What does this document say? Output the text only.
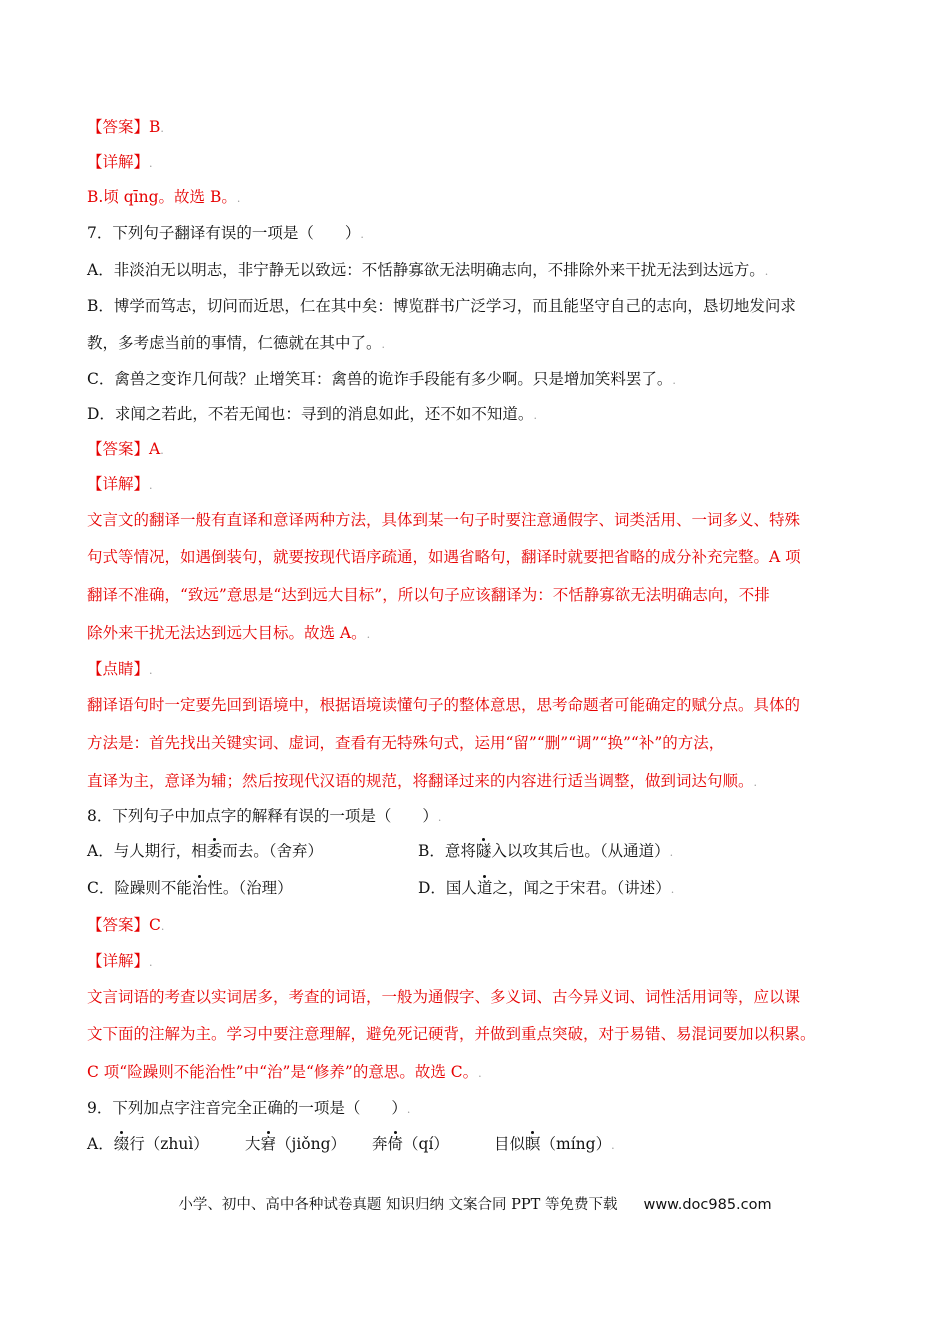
【答案】B.
【详解】.
B.顷 qīng。故选 B。.
7．下列句子翻译有误的一项是（　　）.
A．非淡泊无以明志，非宁静无以致远：不恬静寡欲无法明确志向，不排除外来干扰无法到达远方。.
B．博学而笃志，切问而近思，仁在其中矣：博览群书广泛学习，而且能坚守自己的志向，恳切地发问求
教，多考虑当前的事情，仁德就在其中了。.
C．禽兽之变诈几何哉？止增笑耳：禽兽的诡诈手段能有多少啊。只是增加笑料罢了。.
D．求闻之若此，不若无闻也：寻到的消息如此，还不如不知道。.
【答案】A.
【详解】.
文言文的翻译一般有直译和意译两种方法，具体到某一句子时要注意通假字、词类活用、一词多义、特殊
句式等情况，如遇倒装句，就要按现代语序疏通，如遇省略句，翻译时就要把省略的成分补充完整。A 项
翻译不准确，“致远”意思是“达到远大目标”，所以句子应该翻译为：不恬静寡欲无法明确志向，不排
除外来干扰无法达到远大目标。故选 A。.
【点睛】.
翻译语句时一定要先回到语境中，根据语境读懂句子的整体意思，思考命题者可能确定的赋分点。具体的
方法是：首先找出关键实词、虚词，查看有无特殊句式，运用“留”“删”“调”“换”“补”的方法，
直译为主，意译为辅；然后按现代汉语的规范，将翻译过来的内容进行适当调整，做到词达句顺。.
8．下列句子中加点字的解释有误的一项是（　　）.
A．与人期行，相委而去。（舍弃）	B．意将隧入以攻其后也。（从通道）.
C．险躁则不能治性。（治理）	D．国人道之，闻之于宋君。（讲述）.
【答案】C.
【详解】.
文言词语的考查以实词居多，考查的词语，一般为通假字、多义词、古今异义词、词性活用词等，应以课
文下面的注解为主。学习中要注意理解，避免死记硬背，并做到重点突破，对于易错、易混词要加以积累。
C 项“险躁则不能治性”中“治”是“修养”的意思。故选 C。.
9．下列加点字注音完全正确的一项是（　　）.
A．缀行（zhuì） 大窘（jiǒng） 奔倚（qí）	目似瞑（míng）.
小学、初中、高中各种试卷真题 知识归纳 文案合同 PPT 等免费下载 www.doc985.com
